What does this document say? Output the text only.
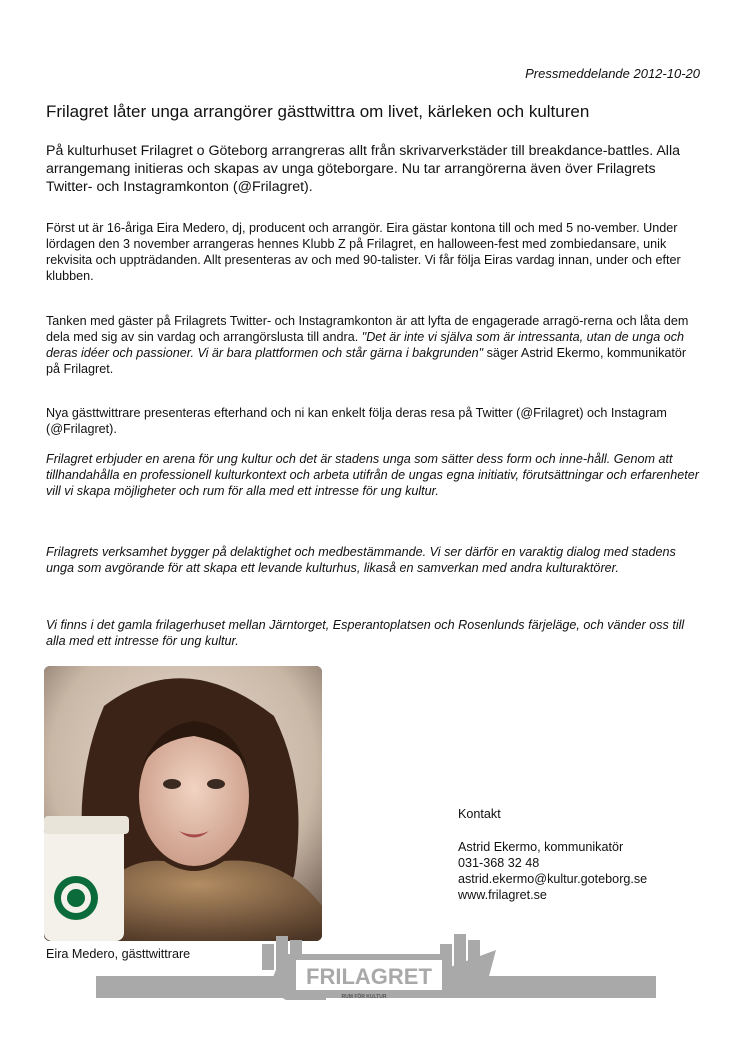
Pressmeddelande 2012-10-20
Frilagret låter unga arrangörer gästtwittra om livet, kärleken och kulturen

På kulturhuset Frilagret o Göteborg arrangreras allt från skrivarverkstäder till breakdance-battles. Alla arrangemang initieras och skapas av unga göteborgare. Nu tar arrangörerna även över Frilagrets Twitter- och Instagramkonton (@Frilagret).

Först ut är 16-åriga Eira Medero, dj, producent och arrangör. Eira gästar kontona till och med 5 no-vember. Under lördagen den 3 november arrangeras hennes Klubb Z på Frilagret, en halloween-fest med zombiedansare, unik rekvisita och uppträdanden. Allt presenteras av och med 90-talister. Vi får följa Eiras vardag innan, under och efter klubben.

Tanken med gäster på Frilagrets Twitter- och Instagramkonton är att lyfta de engagerade arragö-rerna och låta dem dela med sig av sin vardag och arrangörslusta till andra. "Det är inte vi själva som är intressanta, utan de unga och deras idéer och passioner. Vi är bara plattformen och står gärna i bakgrunden" säger Astrid Ekermo, kommunikatör på Frilagret.

Nya gästtwittrare presenteras efterhand och ni kan enkelt följa deras resa på Twitter (@Frilagret) och Instagram (@Frilagret).

Frilagret erbjuder en arena för ung kultur och det är stadens unga som sätter dess form och inne-håll. Genom att tillhandahålla en professionell kulturkontext och arbeta utifrån de ungas egna initiativ, förutsättningar och erfarenheter vill vi skapa möjligheter och rum för alla med ett intresse för ung kultur.

Frilagrets verksamhet bygger på delaktighet och medbestämmande. Vi ser därför en varaktig dialog med stadens unga som avgörande för att skapa ett levande kulturhus, likaså en samverkan med andra kulturaktörer.

Vi finns i det gamla frilagerhuset mellan Järntorget, Esperantoplatsen och Rosenlunds färjeläge, och vänder oss till alla med ett intresse för ung kultur.

Eira Medero, gästtwittrare
Kontakt
Astrid Ekermo, kommunikatör
031-368 32 48
astrid.ekermo@kultur.goteborg.se
www.frilagret.se
FRILAGRET
RUM FÖR KULTUR
